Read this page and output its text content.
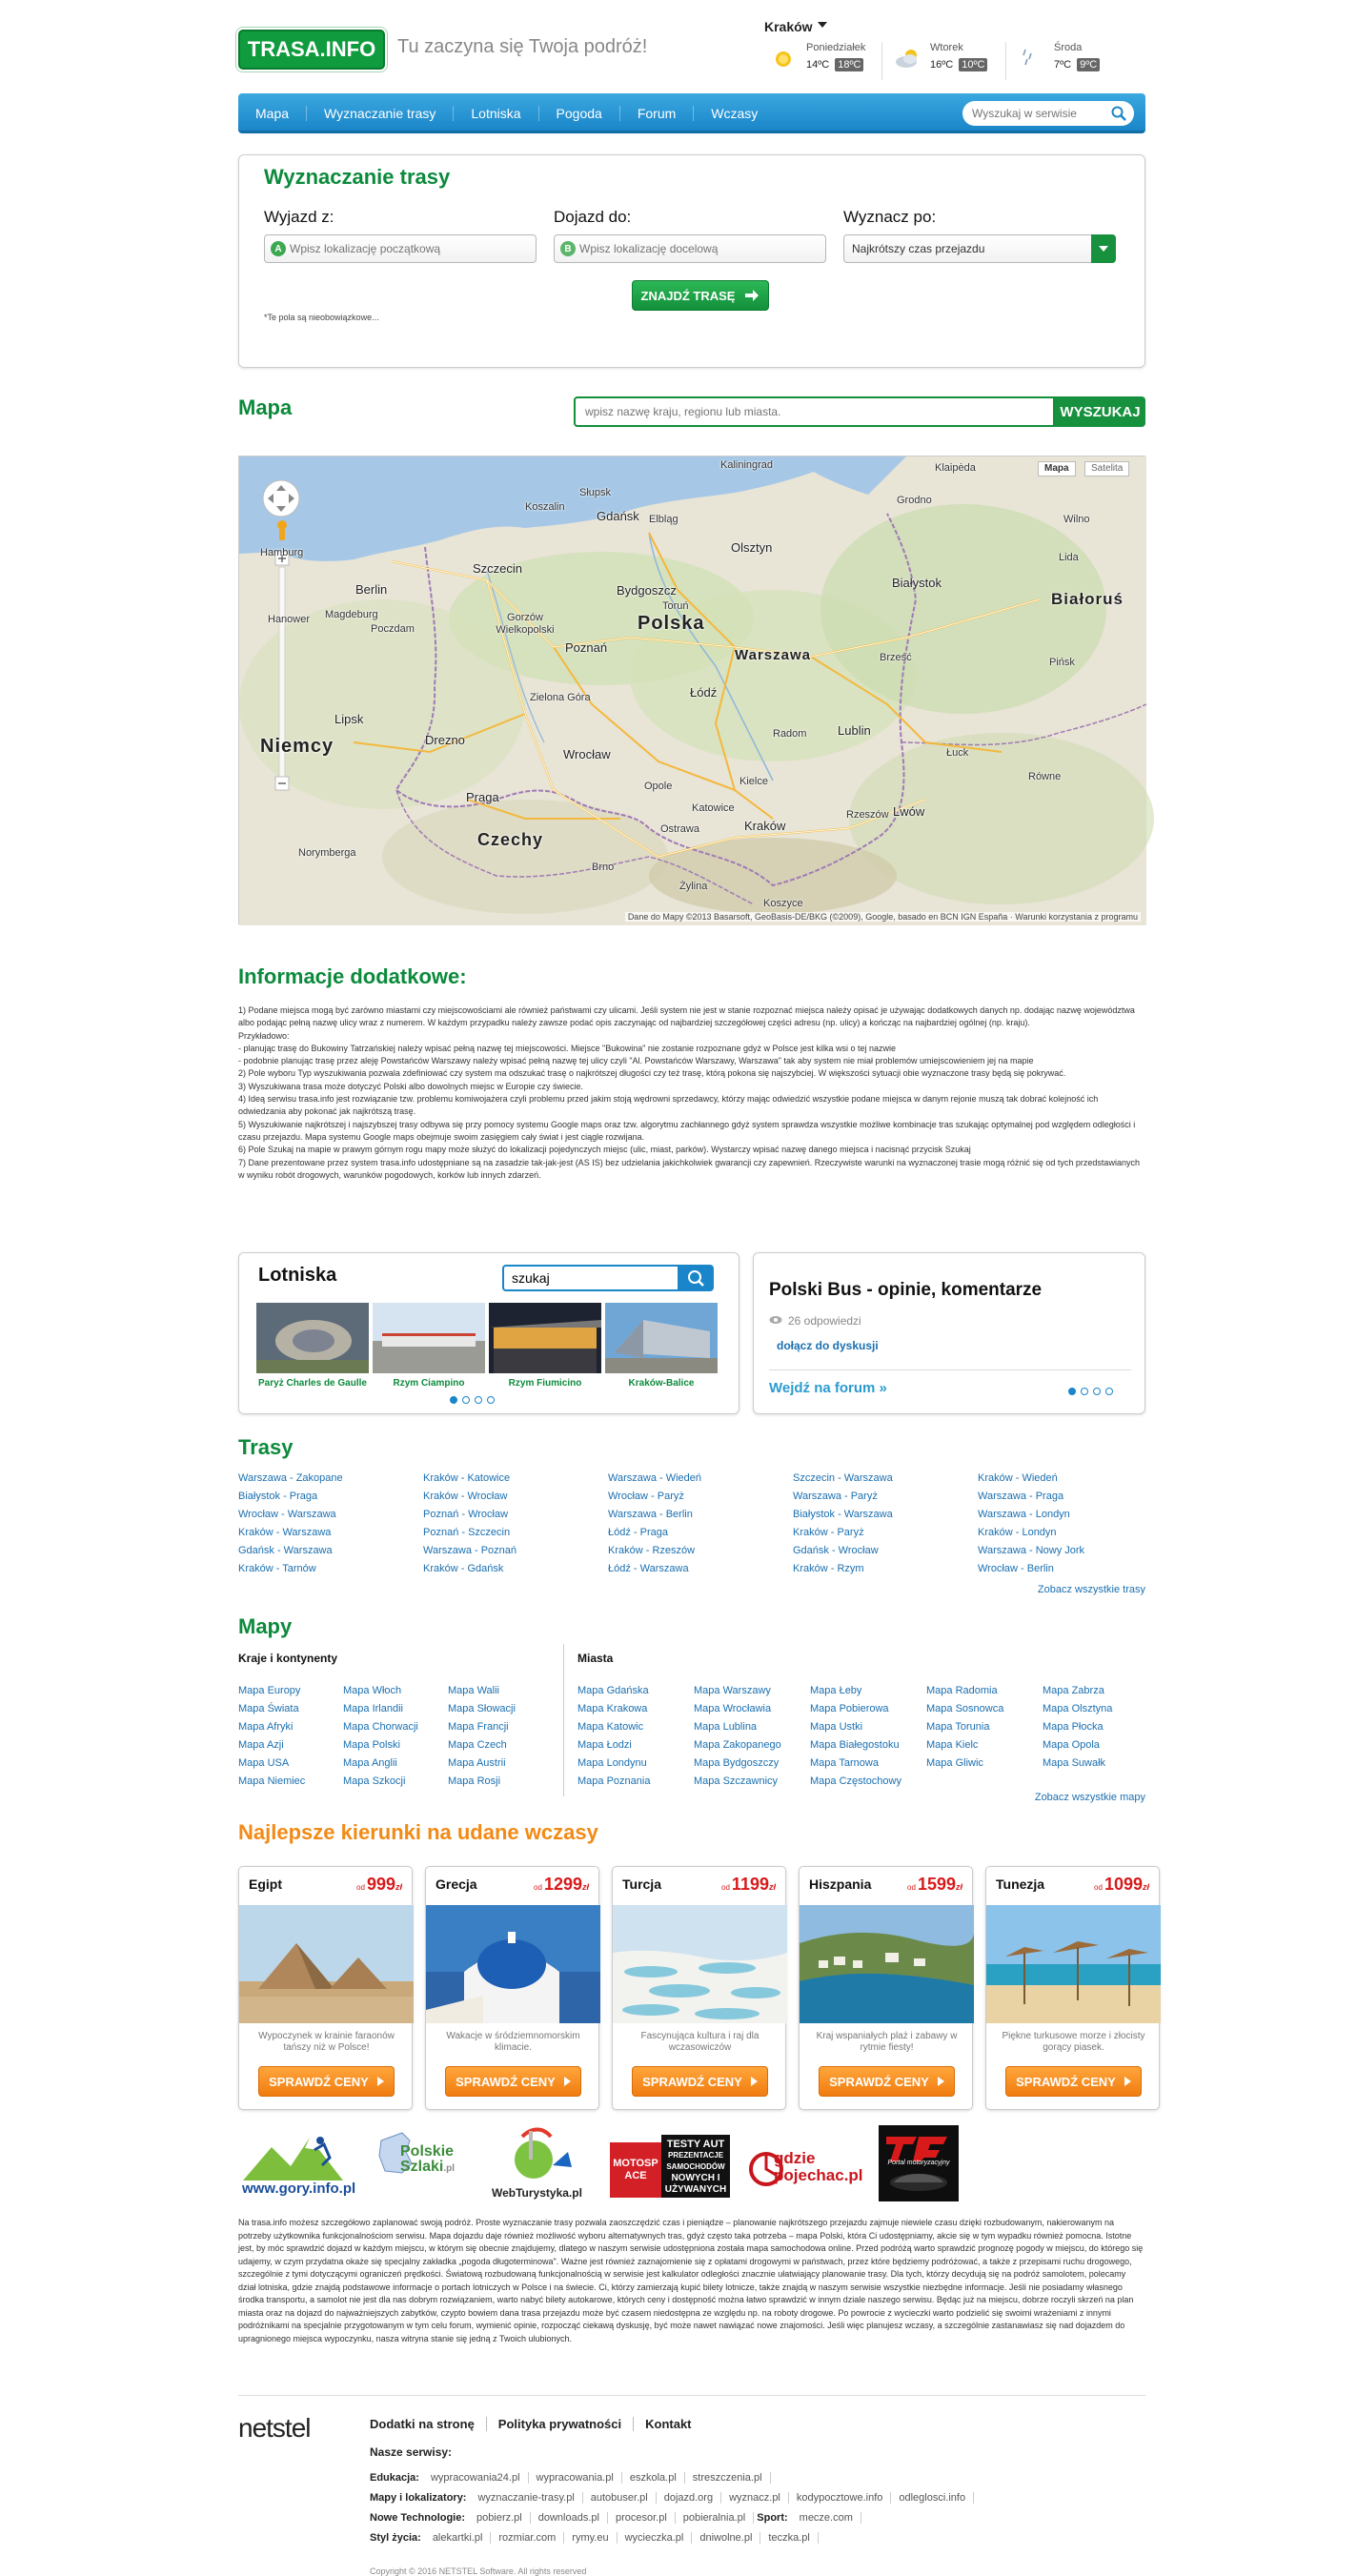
TRASA.INFO	Tu zaczyna się Twoja podróż!
Kraków
Poniedziałek
14ºC 18ºC
Wtorek
16ºC 10ºC
Środa
7ºC 9ºC
Mapa	Wyznaczanie trasy	Lotniska	Pogoda	Forum	Wczasy
Wyszukaj w serwisie
Wyznaczanie trasy
Wyjazd z:
A
Wpisz lokalizację początkową
Dojazd do:
B
Wpisz lokalizację docelową
Wyznacz po:
Najkrótszy czas przejazdu
ZNAJDŹ TRASĘ
*Te pola są nieobowiązkowe...
Mapa
wpisz nazwę kraju, regionu lub miasta.	WYSZUKAJ
Polska
Niemcy
Czechy
Białoruś
Kaliningrad	Klaipėda
Gdańsk
Słupsk
Koszalin
Olsztyn
Elbląg
Bydgoszcz
Toruń
Szczecin
Gorzów Wielkopolski
Poznań
Zielona Góra
Wrocław
Opole
Łódź
Warszawa
Białystok
Lublin
Radom
Kielce
Kraków
Katowice
Rzeszów Lwów
Brześć
Grodno
Pińsk
Równe
Łuck
Berlin
Hamburg
Lipsk
Drezno
Praga
Brno
Ostrawa
Żylina
Koszyce
Norymberga
Poczdam
Magdeburg
Hanower
Lida
Wilno
Mapa	Satelita
Dane do Mapy ©2013 Basarsoft, GeoBasis-DE/BKG (©2009), Google, basado en BCN IGN España · Warunki korzystania z programu
Informacje dodatkowe:

1) Podane miejsca mogą być zarówno miastami czy miejscowościami ale również państwami czy ulicami. Jeśli system nie jest w stanie rozpoznać miejsca należy opisać je używając dodatkowych danych np. dodając nazwę województwa albo podając pełną nazwę ulicy wraz z numerem. W każdym przypadku należy zawsze podać opis zaczynając od najbardziej szczegółowej części adresu (np. ulicy) a kończąc na najbardziej ogólnej (np. kraju).

Przykładowo:

- planując trasę do Bukowiny Tatrzańskiej należy wpisać pełną nazwę tej miejscowości. Miejsce "Bukowina" nie zostanie rozpoznane gdyż w Polsce jest kilka wsi o tej nazwie

- podobnie planując trasę przez aleję Powstańców Warszawy należy wpisać pełną nazwę tej ulicy czyli "Al. Powstańców Warszawy, Warszawa" tak aby system nie miał problemów umiejscowieniem jej na mapie

2) Pole wyboru Typ wyszukiwania pozwala zdefiniować czy system ma odszukać trasę o najkrótszej długości czy też trasę, którą pokona się najszybciej. W większości sytuacji obie wyznaczone trasy będą się pokrywać.

3) Wyszukiwana trasa może dotyczyć Polski albo dowolnych miejsc w Europie czy świecie.

4) Ideą serwisu trasa.info jest rozwiązanie tzw. problemu komiwojażera czyli problemu przed jakim stoją wędrowni sprzedawcy, którzy mając odwiedzić wszystkie podane miejsca w danym rejonie muszą tak dobrać kolejność ich odwiedzania aby pokonać jak najkrótszą trasę.

5) Wyszukiwanie najkrótszej i najszybszej trasy odbywa się przy pomocy systemu Google maps oraz tzw. algorytmu zachłannego gdyż system sprawdza wszystkie możliwe kombinacje tras szukając optymalnej pod względem odległości i czasu przejazdu. Mapa systemu Google maps obejmuje swoim zasięgiem cały świat i jest ciągle rozwijana.

6) Pole Szukaj na mapie w prawym górnym rogu mapy może służyć do lokalizacji pojedynczych miejsc (ulic, miast, parków). Wystarczy wpisać nazwę danego miejsca i nacisnąć przycisk Szukaj

7) Dane prezentowane przez system trasa.info udostępniane są na zasadzie tak-jak-jest (AS IS) bez udzielania jakichkolwiek gwarancji czy zapewnień. Rzeczywiste warunki na wyznaczonej trasie mogą różnić się od tych przedstawianych w wyniku robót drogowych, warunków pogodowych, korków lub innych zdarzeń.

Lotniska
szukaj
Paryż Charles de Gaulle	Rzym Ciampino	Rzym Fiumicino	Kraków-Balice
Polski Bus - opinie, komentarze
26 odpowiedzi
dołącz do dyskusji
Wejdź na forum »
Trasy
Zobacz wszystkie trasy
Mapy
Kraje i kontynenty	Miasta
Zobacz wszystkie mapy
Najlepsze kierunki na udane wczasy
www.gory.info.pl
Polskie Szlaki.pl
WebTurystyka.pl
MOTOSPACE
TESTY AUT
PREZENTACJE
SAMOCHODÓW
NOWYCH I
UŻYWANYCH
gdzie
pojechac.pl
Portal motoryzacyjny
Na trasa.info możesz szczegółowo zaplanować swoją podróż. Proste wyznaczanie trasy pozwala zaoszczędzić czas i pieniądze – planowanie najkrótszego przejazdu zajmuje niewiele czasu dzięki rozbudowanym, nakierowanym na potrzeby użytkownika funkcjonalnościom serwisu. Mapa dojazdu daje również możliwość wyboru alternatywnych tras, gdyż często taka potrzeba – mapa Polski, która Ci udostępniamy, akcie się w tym wypadku również pomocna. Istotne jest, by móc sprawdzić dojazd w każdym miejscu, w którym się obecnie znajdujemy, dlatego w naszym serwisie udostępniona została mapa samochodowa online. Przed podróżą warto sprawdzić prognozę pogody w miejscu, do którego się udajemy, w czym przydatna okaże się specjalny zakładka „pogoda długoterminowa". Ważne jest również zaznajomienie się z opłatami drogowymi w państwach, przez które będziemy podróżować, a także z przepisami ruchu drogowego, szczególnie z tymi dotyczącymi ograniczeń prędkości. Światową rozbudowaną funkcjonalnością w serwisie jest kalkulator odległości znacznie ułatwiający planowanie trasy. Dla tych, którzy decydują się na podróż samolotem, polecamy dział lotniska, gdzie znajdą podstawowe informacje o portach lotniczych w Polsce i na świecie. Ci, którzy zamierzają kupić bilety lotnicze, także znajdą w naszym serwisie wszystkie niezbędne informacje. Jeśli nie posiadamy własnego środka transportu, a samolot nie jest dla nas dobrym rozwiązaniem, warto nabyć bilety autokarowe, których ceny i dostępność można łatwo sprawdzić w innym dziale naszego serwisu. Będąc już na miejscu, dobrze roczyli skrzeń na plan miasta oraz na dojazd do najważniejszych zabytków, czypto bowiem dana trasa przejazdu może być czasem niedostępna ze względu np. na roboty drogowe. Po powrocie z wycieczki warto podzielić się swoimi wrażeniami z innymi podróżnikami na specjalnie przygotowanym w tym celu forum, wymienić opinie, rozpocząć ciekawą dyskusję, być może nawet nawiązać nowe znajomości. Jeśli więc planujesz wczasy, a szczególnie zastanawiasz się nad dojazdem do upragnionego miejsca wypoczynku, nasza witryna stanie się jedną z Twoich ulubionych.
netstel	Dodatki na stronę	Polityka prywatności	Kontakt
Nasze serwisy:
Edukacja: wypracowania24.pl wypracowania.pl eszkola.pl streszczenia.pl Mapy i lokalizatory: wyznaczanie-trasy.pl autobuser.pl dojazd.org wyznacz.pl kodypocztowe.info odleglosci.info Nowe Technologie: pobierz.pl downloads.pl procesor.pl pobieralnia.pl Sport: mecze.com Styl życia: alekartki.pl rozmiar.com rymy.eu wycieczka.pl dniwolne.pl teczka.pl
Copyright © 2016 NETSTEL Software. All rights reserved
Warszawa - Zakopane
Białystok - Praga
Wrocław - Warszawa
Kraków - Warszawa
Gdańsk - Warszawa
Kraków - Tarnów
Kraków - Katowice
Kraków - Wrocław
Poznań - Wrocław
Poznań - Szczecin
Warszawa - Poznań
Kraków - Gdańsk
Warszawa - Wiedeń
Wrocław - Paryż
Warszawa - Berlin
Łódź - Praga
Kraków - Rzeszów
Łódź - Warszawa
Szczecin - Warszawa
Warszawa - Paryż
Białystok - Warszawa
Kraków - Paryż
Gdańsk - Wrocław
Kraków - Rzym
Kraków - Wiedeń
Warszawa - Praga
Warszawa - Londyn
Kraków - Londyn
Warszawa - Nowy Jork
Wrocław - Berlin
Mapa Europy
Mapa Świata
Mapa Afryki
Mapa Azji
Mapa USA
Mapa Niemiec
Mapa Włoch
Mapa Irlandii
Mapa Chorwacji
Mapa Polski
Mapa Anglii
Mapa Szkocji
Mapa Walii
Mapa Słowacji
Mapa Francji
Mapa Czech
Mapa Austrii
Mapa Rosji
Mapa Gdańska
Mapa Krakowa
Mapa Katowic
Mapa Łodzi
Mapa Londynu
Mapa Poznania
Mapa Warszawy
Mapa Wrocławia
Mapa Lublina
Mapa Zakopanego
Mapa Bydgoszczy
Mapa Szczawnicy
Mapa Łeby
Mapa Pobierowa
Mapa Ustki
Mapa Białegostoku
Mapa Tarnowa
Mapa Częstochowy
Mapa Radomia
Mapa Sosnowca
Mapa Torunia
Mapa Kielc
Mapa Gliwic
Mapa Zabrza
Mapa Olsztyna
Mapa Płocka
Mapa Opola
Mapa Suwałk
Egipt	od 999zł
Wypoczynek w krainie faraonów tańszy niż w Polsce!
SPRAWDŹ CENY
Grecja	od 1299zł
Wakacje w śródziemnomorskim klimacie.
SPRAWDŹ CENY
Turcja	od 1199zł
Fascynująca kultura i raj dla wczasowiczów
SPRAWDŹ CENY
Hiszpania	od 1599zł
Kraj wspaniałych plaż i zabawy w rytmie fiesty!
SPRAWDŹ CENY
Tunezja	od 1099zł
Piękne turkusowe morze i złocisty gorący piasek.
SPRAWDŹ CENY
